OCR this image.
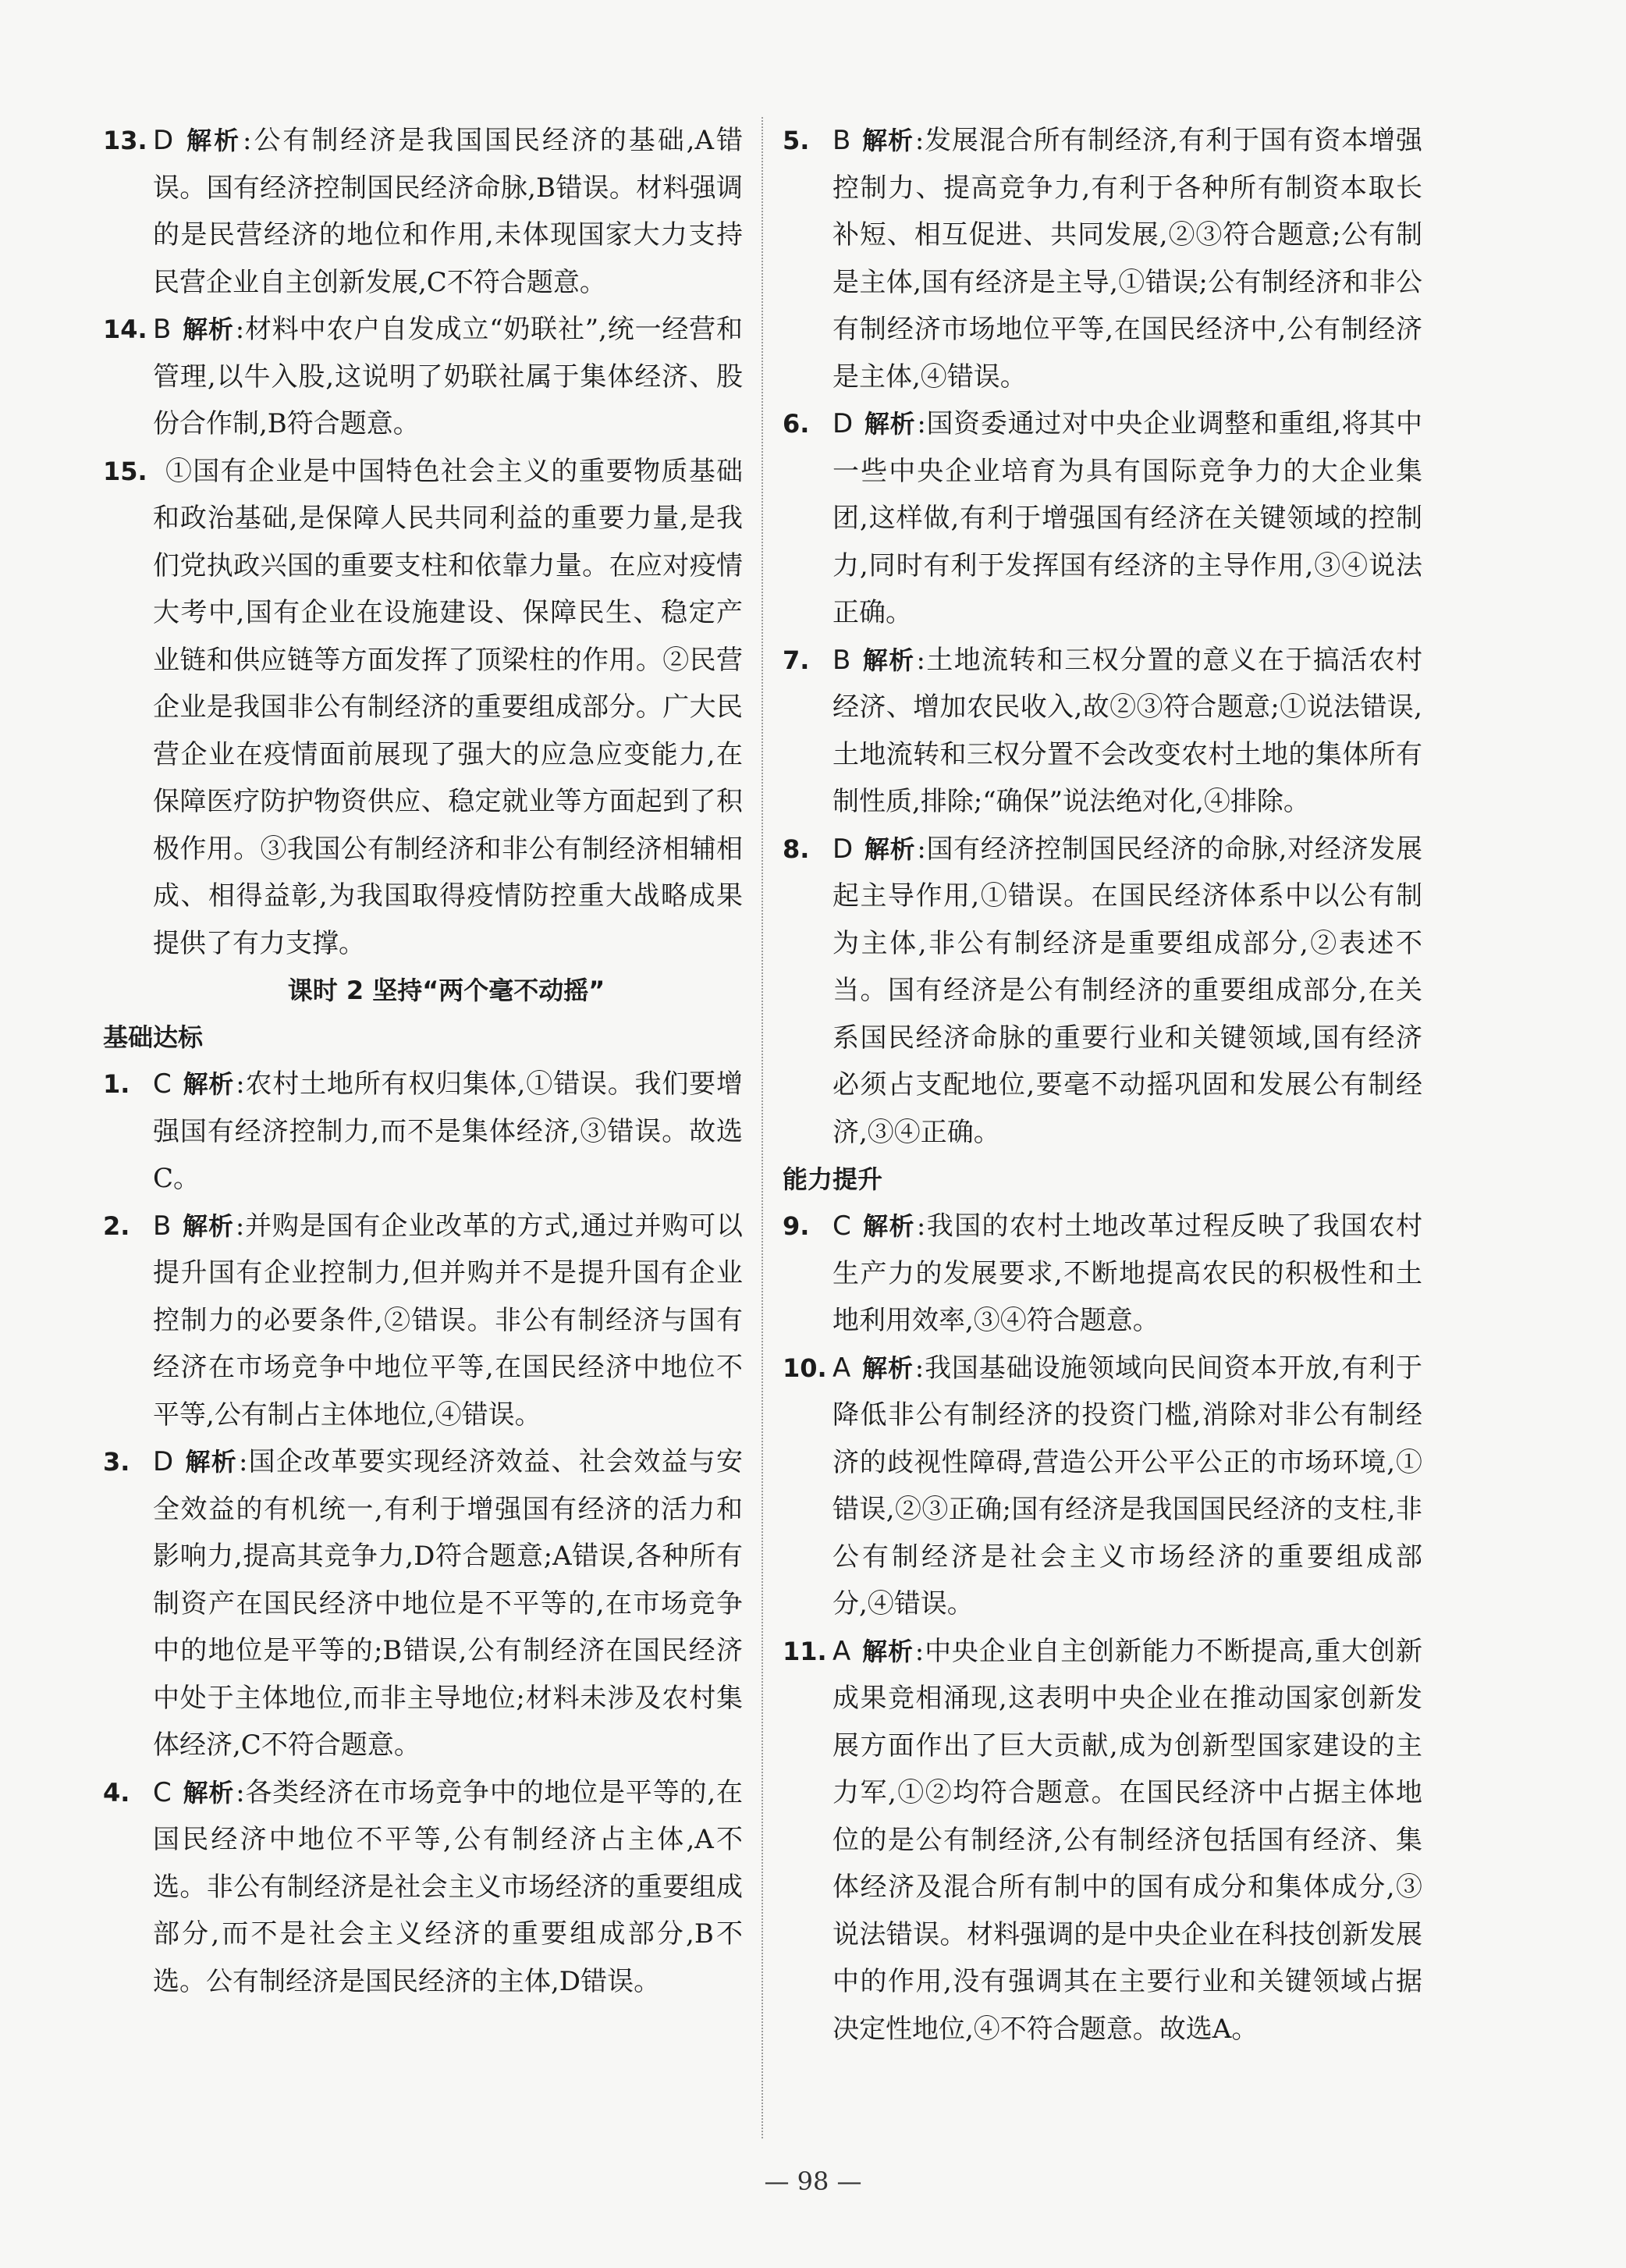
13. D 解析:公有制经济是我国国民经济的基础,A错误。国有经济控制国民经济命脉,B错误。材料强调的是民营经济的地位和作用,未体现国家大力支持民营企业自主创新发展,C不符合题意。
14. B 解析:材料中农户自发成立“奶联社”,统一经营和管理,以牛入股,这说明了奶联社属于集体经济、股份合作制,B符合题意。
15. ①国有企业是中国特色社会主义的重要物质基础和政治基础,是保障人民共同利益的重要力量,是我们党执政兴国的重要支柱和依靠力量。在应对疫情大考中,国有企业在设施建设、保障民生、稳定产业链和供应链等方面发挥了顶梁柱的作用。②民营企业是我国非公有制经济的重要组成部分。广大民营企业在疫情面前展现了强大的应急应变能力,在保障医疗防护物资供应、稳定就业等方面起到了积极作用。③我国公有制经济和非公有制经济相辅相成、相得益彰,为我国取得疫情防控重大战略成果提供了有力支撑。
课时 2 坚持“两个毫不动摇”
基础达标
1. C 解析:农村土地所有权归集体,①错误。我们要增强国有经济控制力,而不是集体经济,③错误。故选C。
2. B 解析:并购是国有企业改革的方式,通过并购可以提升国有企业控制力,但并购并不是提升国有企业控制力的必要条件,②错误。非公有制经济与国有经济在市场竞争中地位平等,在国民经济中地位不平等,公有制占主体地位,④错误。
3. D 解析:国企改革要实现经济效益、社会效益与安全效益的有机统一,有利于增强国有经济的活力和影响力,提高其竞争力,D符合题意;A错误,各种所有制资产在国民经济中地位是不平等的,在市场竞争中的地位是平等的;B错误,公有制经济在国民经济中处于主体地位,而非主导地位;材料未涉及农村集体经济,C不符合题意。
4. C 解析:各类经济在市场竞争中的地位是平等的,在国民经济中地位不平等,公有制经济占主体,A不选。非公有制经济是社会主义市场经济的重要组成部分,而不是社会主义经济的重要组成部分,B不选。公有制经济是国民经济的主体,D错误。
5. B 解析:发展混合所有制经济,有利于国有资本增强控制力、提高竞争力,有利于各种所有制资本取长补短、相互促进、共同发展,②③符合题意;公有制是主体,国有经济是主导,①错误;公有制经济和非公有制经济市场地位平等,在国民经济中,公有制经济是主体,④错误。
6. D 解析:国资委通过对中央企业调整和重组,将其中一些中央企业培育为具有国际竞争力的大企业集团,这样做,有利于增强国有经济在关键领域的控制力,同时有利于发挥国有经济的主导作用,③④说法正确。
7. B 解析:土地流转和三权分置的意义在于搞活农村经济、增加农民收入,故②③符合题意;①说法错误,土地流转和三权分置不会改变农村土地的集体所有制性质,排除;“确保”说法绝对化,④排除。
8. D 解析:国有经济控制国民经济的命脉,对经济发展起主导作用,①错误。在国民经济体系中以公有制为主体,非公有制经济是重要组成部分,②表述不当。国有经济是公有制经济的重要组成部分,在关系国民经济命脉的重要行业和关键领域,国有经济必须占支配地位,要毫不动摇巩固和发展公有制经济,③④正确。
能力提升
9. C 解析:我国的农村土地改革过程反映了我国农村生产力的发展要求,不断地提高农民的积极性和土地利用效率,③④符合题意。
10. A 解析:我国基础设施领域向民间资本开放,有利于降低非公有制经济的投资门槛,消除对非公有制经济的歧视性障碍,营造公开公平公正的市场环境,①错误,②③正确;国有经济是我国国民经济的支柱,非公有制经济是社会主义市场经济的重要组成部分,④错误。
11. A 解析:中央企业自主创新能力不断提高,重大创新成果竞相涌现,这表明中央企业在推动国家创新发展方面作出了巨大贡献,成为创新型国家建设的主力军,①②均符合题意。在国民经济中占据主体地位的是公有制经济,公有制经济包括国有经济、集体经济及混合所有制中的国有成分和集体成分,③说法错误。材料强调的是中央企业在科技创新发展中的作用,没有强调其在主要行业和关键领域占据决定性地位,④不符合题意。故选A。
— 98 —
